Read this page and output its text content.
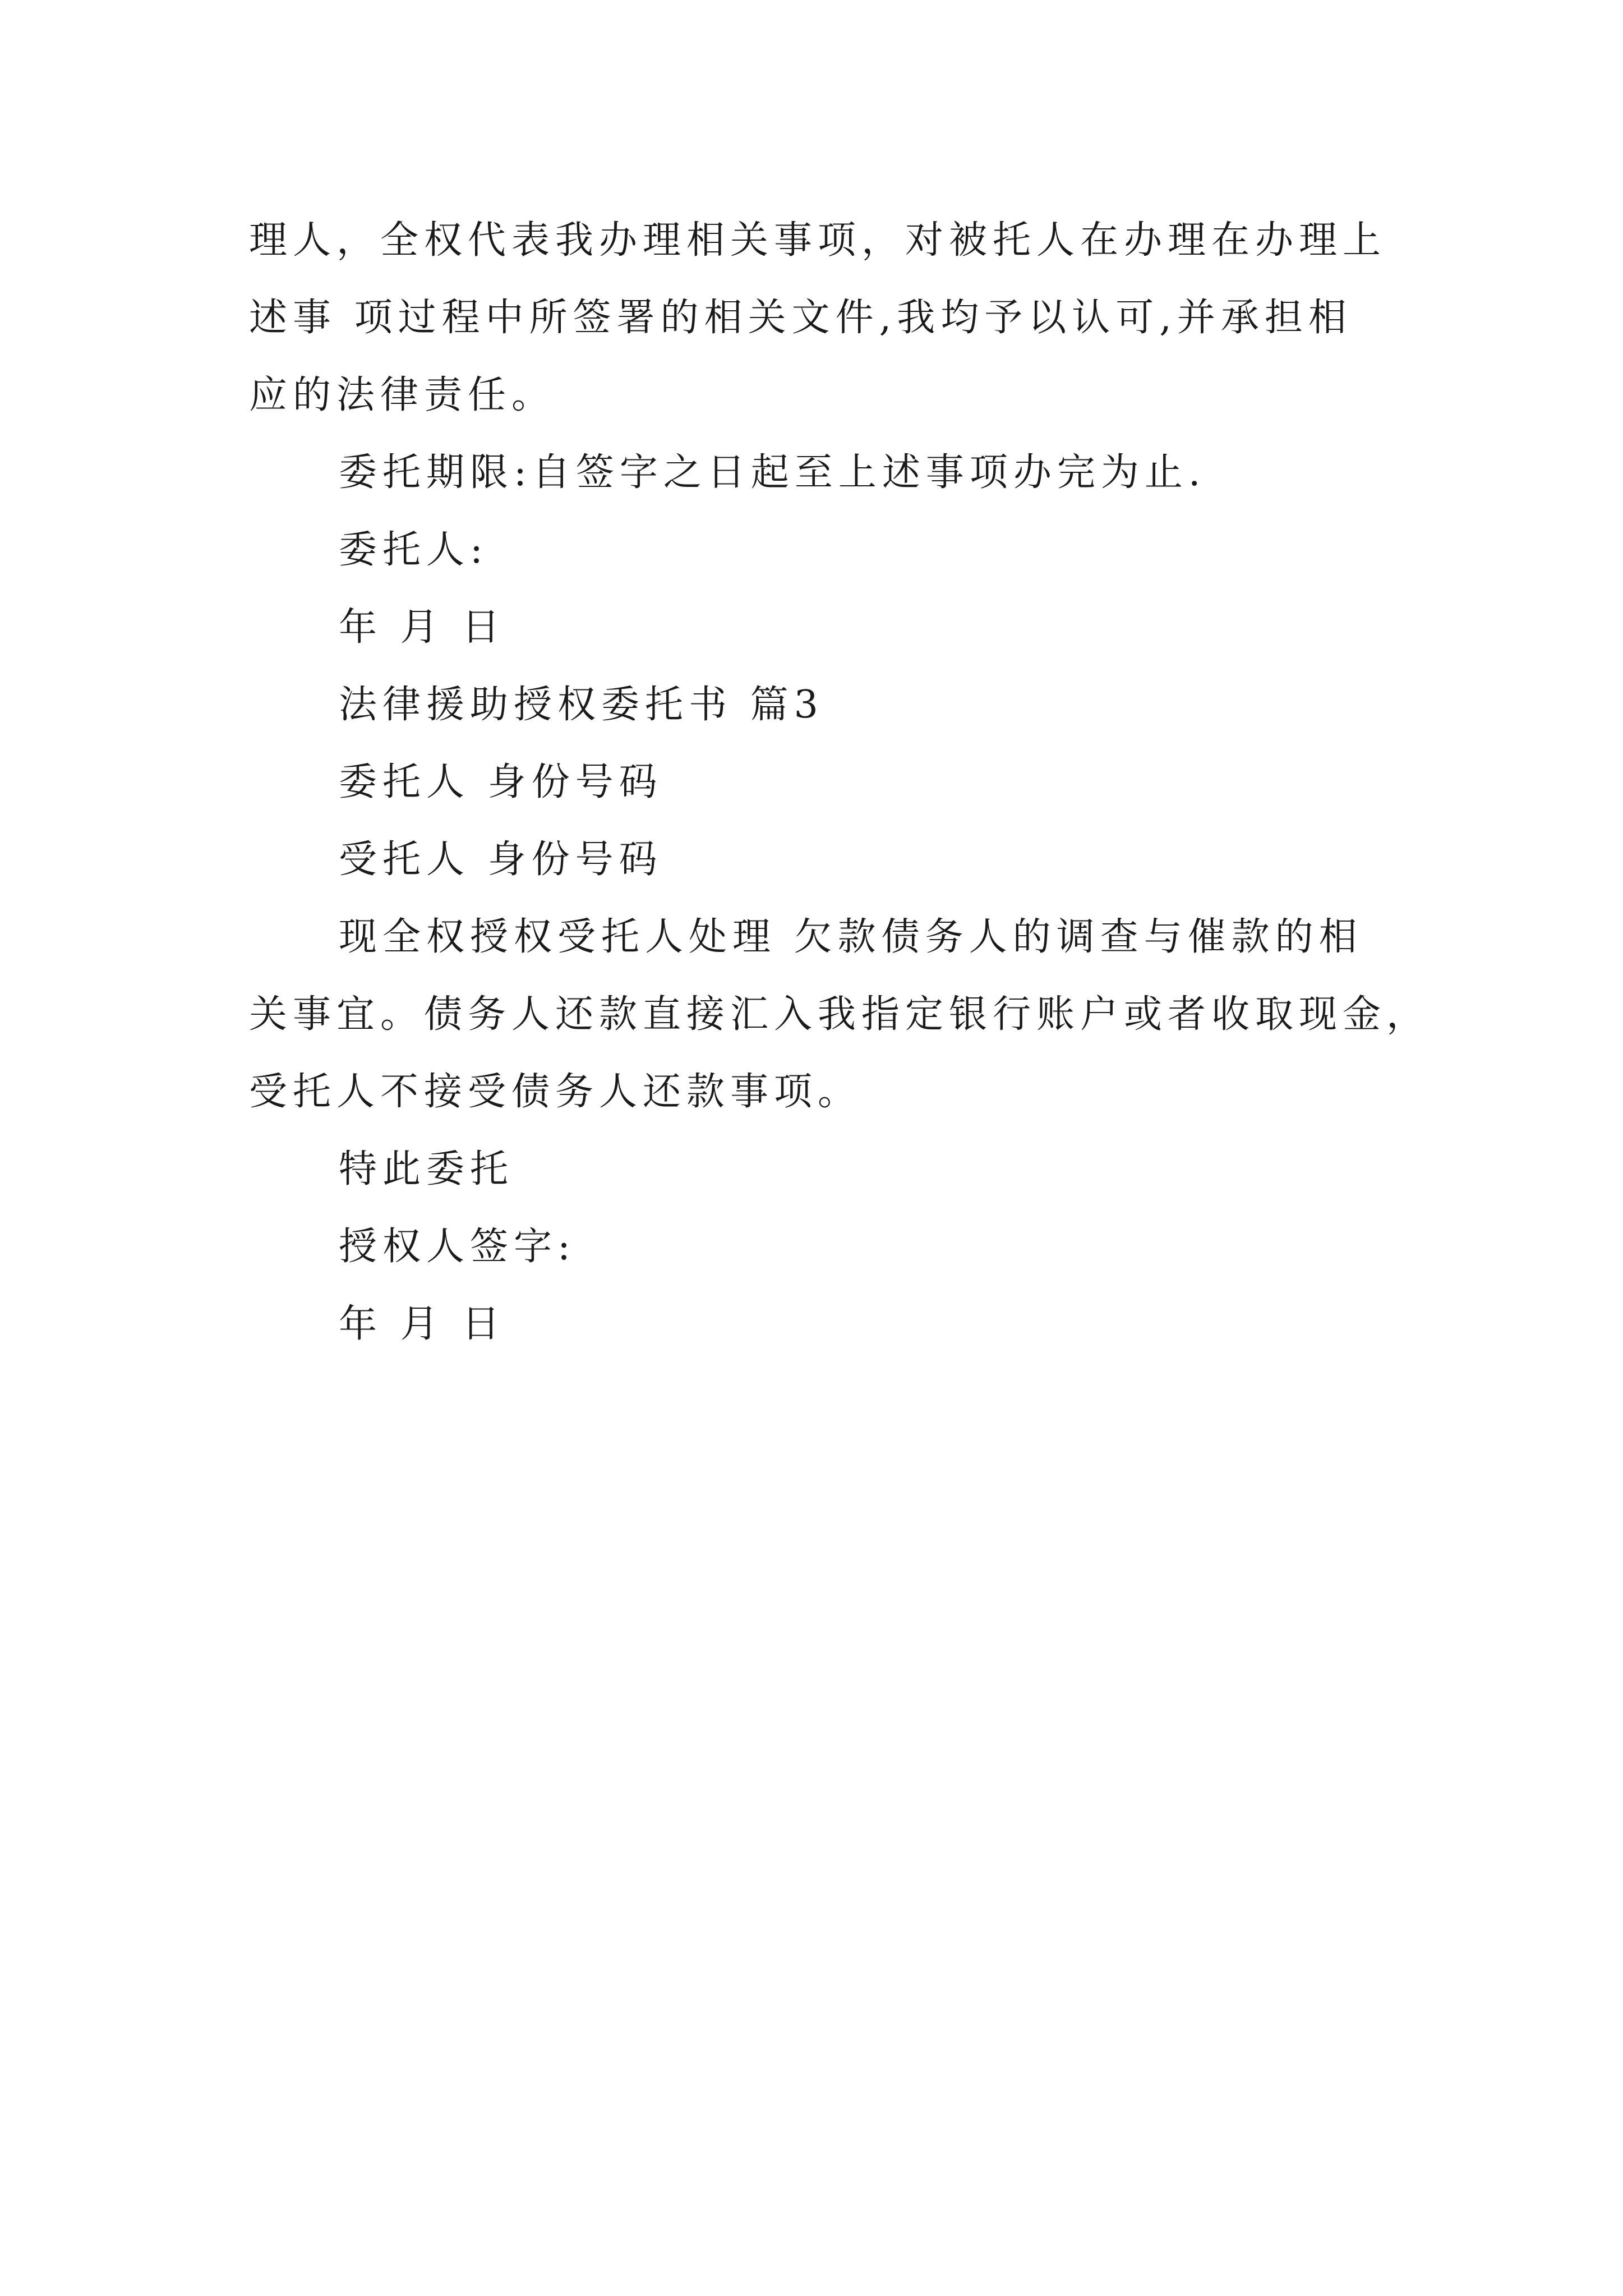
理人，全权代表我办理相关事项，对被托人在办理在办理上
述事 项过程中所签署的相关文件,我均予以认可,并承担相
应的法律责任。
委托期限:自签字之日起至上述事项办完为止.
委托人:
年 月 日
法律援助授权委托书 篇3
委托人 身份号码
受托人 身份号码
现全权授权受托人处理 欠款债务人的调查与催款的相
关事宜。债务人还款直接汇入我指定银行账户或者收取现金，
受托人不接受债务人还款事项。
特此委托
授权人签字:
年 月 日
